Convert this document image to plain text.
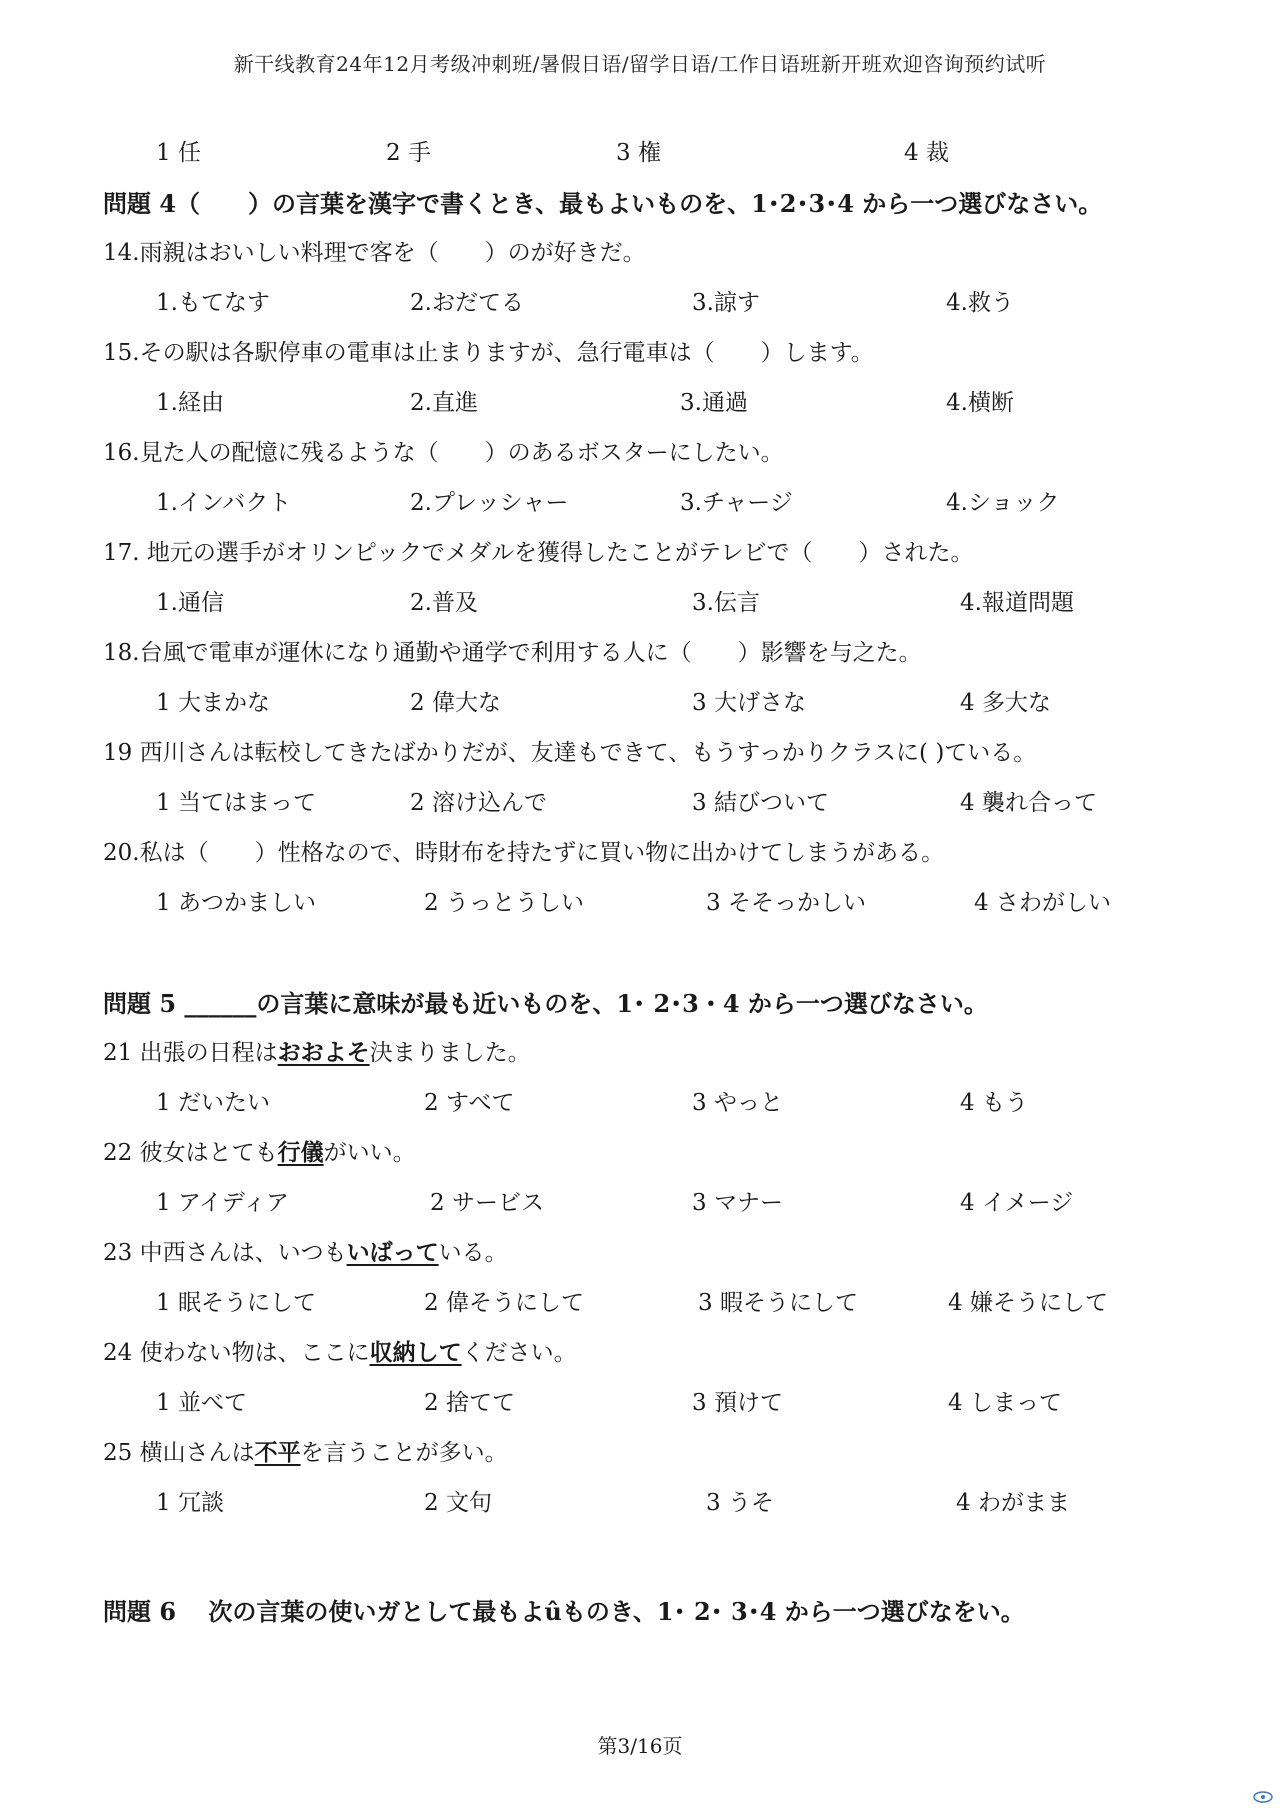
新干线教育24年12月考级冲刺班/暑假日语/留学日语/工作日语班新开班欢迎咨询预约试听
1 任	2 手	3 権	4 裁
問題 4（　　）の言葉を漢字で書くとき、最もよいものを、1･2･3･4 から一つ選びなさい。
14.雨親はおいしい料理で客を（　　）のが好きだ。
1.もてなす	2.おだてる	3.諒す	4.救う
15.その駅は各駅停車の電車は止まりますが、急行電車は（　　）します。
1.経由	2.直進	3.通過	4.横断
16.見た人の配憶に残るような（　　）のあるボスターにしたい。
1.インバクト	2.プレッシャー	3.チャージ	4.ショック
17. 地元の選手がオリンピックでメダルを獲得したことがテレビで（　　）された。
1.通信	2.普及	3.伝言	4.報道問題
18.台風で電車が運休になり通勤や通学で利用する人に（　　）影響を与之た。
1 大まかな	2 偉大な	3 大げさな	4 多大な
19 西川さんは転校してきたばかりだが、友達もできて、もうすっかりクラスに( )ている。
1 当てはまって	2 溶け込んで	3 結びついて	4 襲れ合って
20.私は（　　）性格なので、時財布を持たずに買い物に出かけてしまうがある。
1 あつかましい	2 うっとうしい	3 そそっかしい	4 さわがしい
問題 5 ______の言葉に意味が最も近いものを、1･ 2･3・4 から一つ選びなさい。
21 出張の日程はおおよそ決まりました。
1 だいたい	2 すべて	3 やっと	4 もう
22 彼女はとても行儀がいい。
1 アイディア	2 サービス	3 マナー	4 イメージ
23 中西さんは、いつもいばっている。
1 眠そうにして	2 偉そうにして	3 暇そうにして	4 嫌そうにして
24 使わない物は、ここに収納してください。
1 並べて	2 捨てて	3 預けて	4 しまって
25 横山さんは不平を言うことが多い。
1 冗談	2 文句	3 うそ	4 わがまま
問題 6　 次の言葉の使いガとして最もよûものき、1･ 2･ 3･4 から一つ選びなをい。
第3/16页
